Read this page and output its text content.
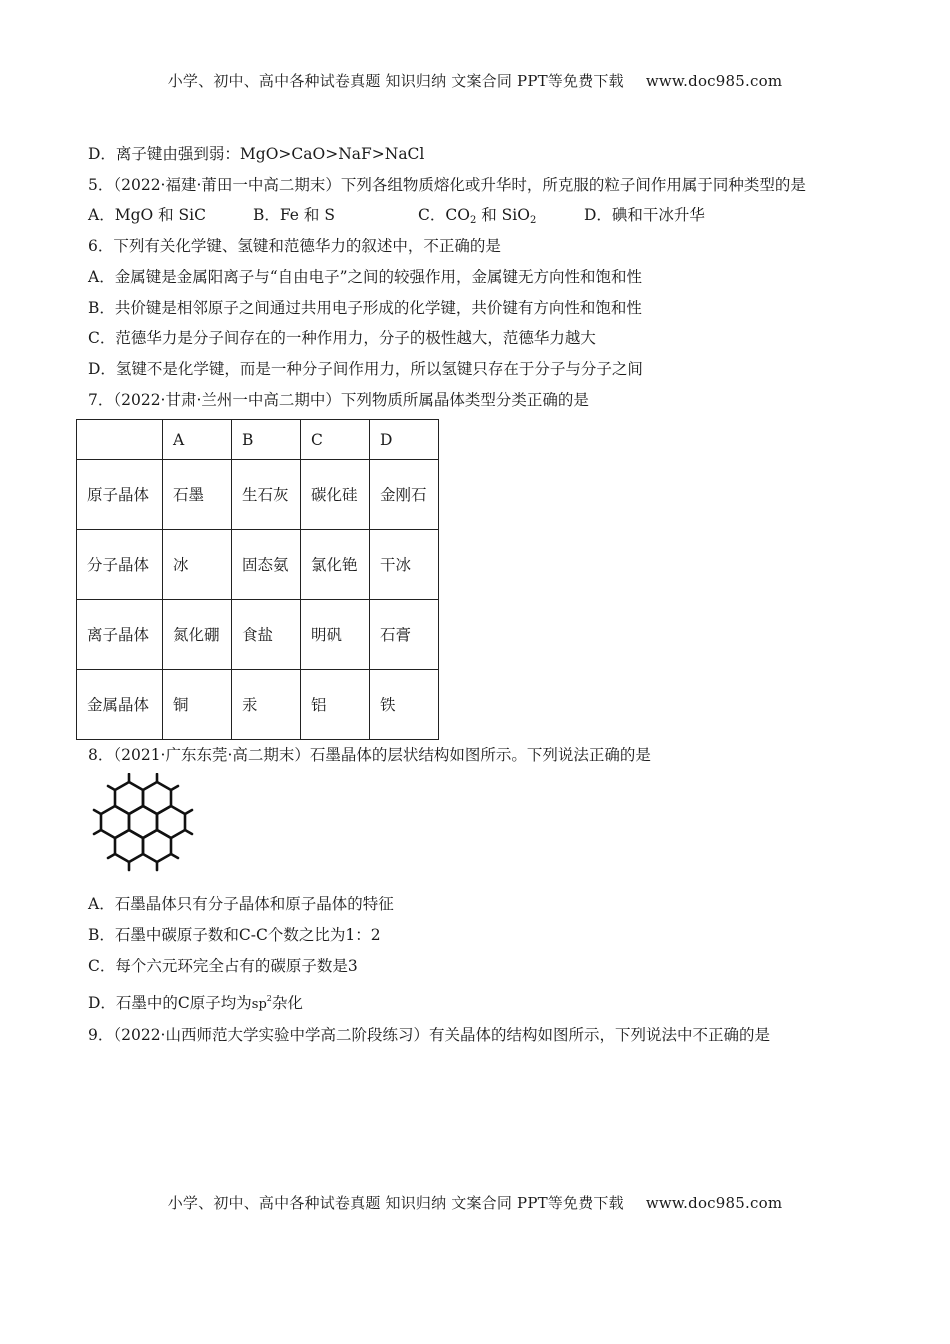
小学、初中、高中各种试卷真题 知识归纳 文案合同 PPT等免费下载 www.doc985.com
D．离子键由强到弱：MgO>CaO>NaF>NaCl
5．（2022·福建·莆田一中高二期末）下列各组物质熔化或升华时，所克服的粒子间作用属于同种类型的是
A．MgO 和 SiC	B．Fe 和 S	C．$CO_2$ 和 SiO$_2$	D．碘和干冰升华
6．下列有关化学键、氢键和范德华力的叙述中，不正确的是
A．金属键是金属阳离子与“自由电子”之间的较强作用，金属键无方向性和饱和性
B．共价键是相邻原子之间通过共用电子形成的化学键，共价键有方向性和饱和性
C．范德华力是分子间存在的一种作用力，分子的极性越大，范德华力越大
D．氢键不是化学键，而是一种分子间作用力，所以氢键只存在于分子与分子之间
7．（2022·甘肃·兰州一中高二期中）下列物质所属晶体类型分类正确的是
	A	B	C	D
原子晶体	石墨	生石灰	碳化硅	金刚石
分子晶体	冰	固态氨	氯化铯	干冰
离子晶体	氮化硼	食盐	明矾	石膏
金属晶体	铜	汞	铝	铁
8．（2021·广东东莞·高二期末）石墨晶体的层状结构如图所示。下列说法正确的是
A．石墨晶体只有分子晶体和原子晶体的特征
B．石墨中碳原子数和C-C个数之比为1：2
C．每个六元环完全占有的碳原子数是3
D．石墨中的C原子均为$sp^2$杂化
9．（2022·山西师范大学实验中学高二阶段练习）有关晶体的结构如图所示，下列说法中不正确的是
小学、初中、高中各种试卷真题 知识归纳 文案合同 PPT等免费下载 www.doc985.com
